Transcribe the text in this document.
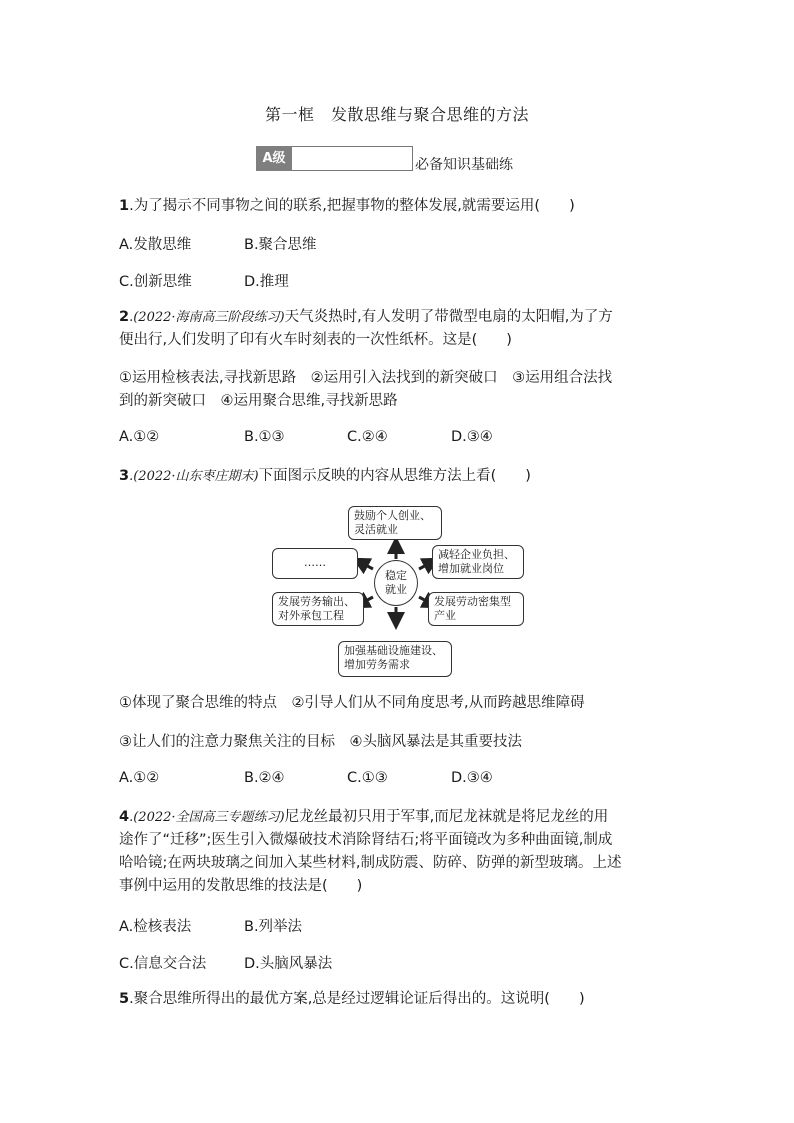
第一框　发散思维与聚合思维的方法
A级	必备知识基础练
1.为了揭示不同事物之间的联系,把握事物的整体发展,就需要运用(　　)
A.发散思维	B.聚合思维
C.创新思维	D.推理
2.(2022·海南高三阶段练习)天气炎热时,有人发明了带微型电扇的太阳帽,为了方
便出行,人们发明了印有火车时刻表的一次性纸杯。这是(　　)
①运用检核表法,寻找新思路　②运用引入法找到的新突破口　③运用组合法找
到的新突破口　④运用聚合思维,寻找新思路
A.①②	B.①③	C.②④	D.③④
3.(2022·山东枣庄期末)下面图示反映的内容从思维方法上看(　　)
鼓励个人创业、
灵活就业
……
减轻企业负担、
增加就业岗位
稳定
就业
发展劳务输出、
对外承包工程
发展劳动密集型
产业
加强基础设施建设、
增加劳务需求
①体现了聚合思维的特点　②引导人们从不同角度思考,从而跨越思维障碍
③让人们的注意力聚焦关注的目标　④头脑风暴法是其重要技法
A.①②	B.②④	C.①③	D.③④
4.(2022·全国高三专题练习)尼龙丝最初只用于军事,而尼龙袜就是将尼龙丝的用
途作了“迁移”;医生引入微爆破技术消除肾结石;将平面镜改为多种曲面镜,制成
哈哈镜;在两块玻璃之间加入某些材料,制成防震、防碎、防弹的新型玻璃。上述
事例中运用的发散思维的技法是(　　)
A.检核表法	B.列举法
C.信息交合法	D.头脑风暴法
5.聚合思维所得出的最优方案,总是经过逻辑论证后得出的。这说明(　　)
